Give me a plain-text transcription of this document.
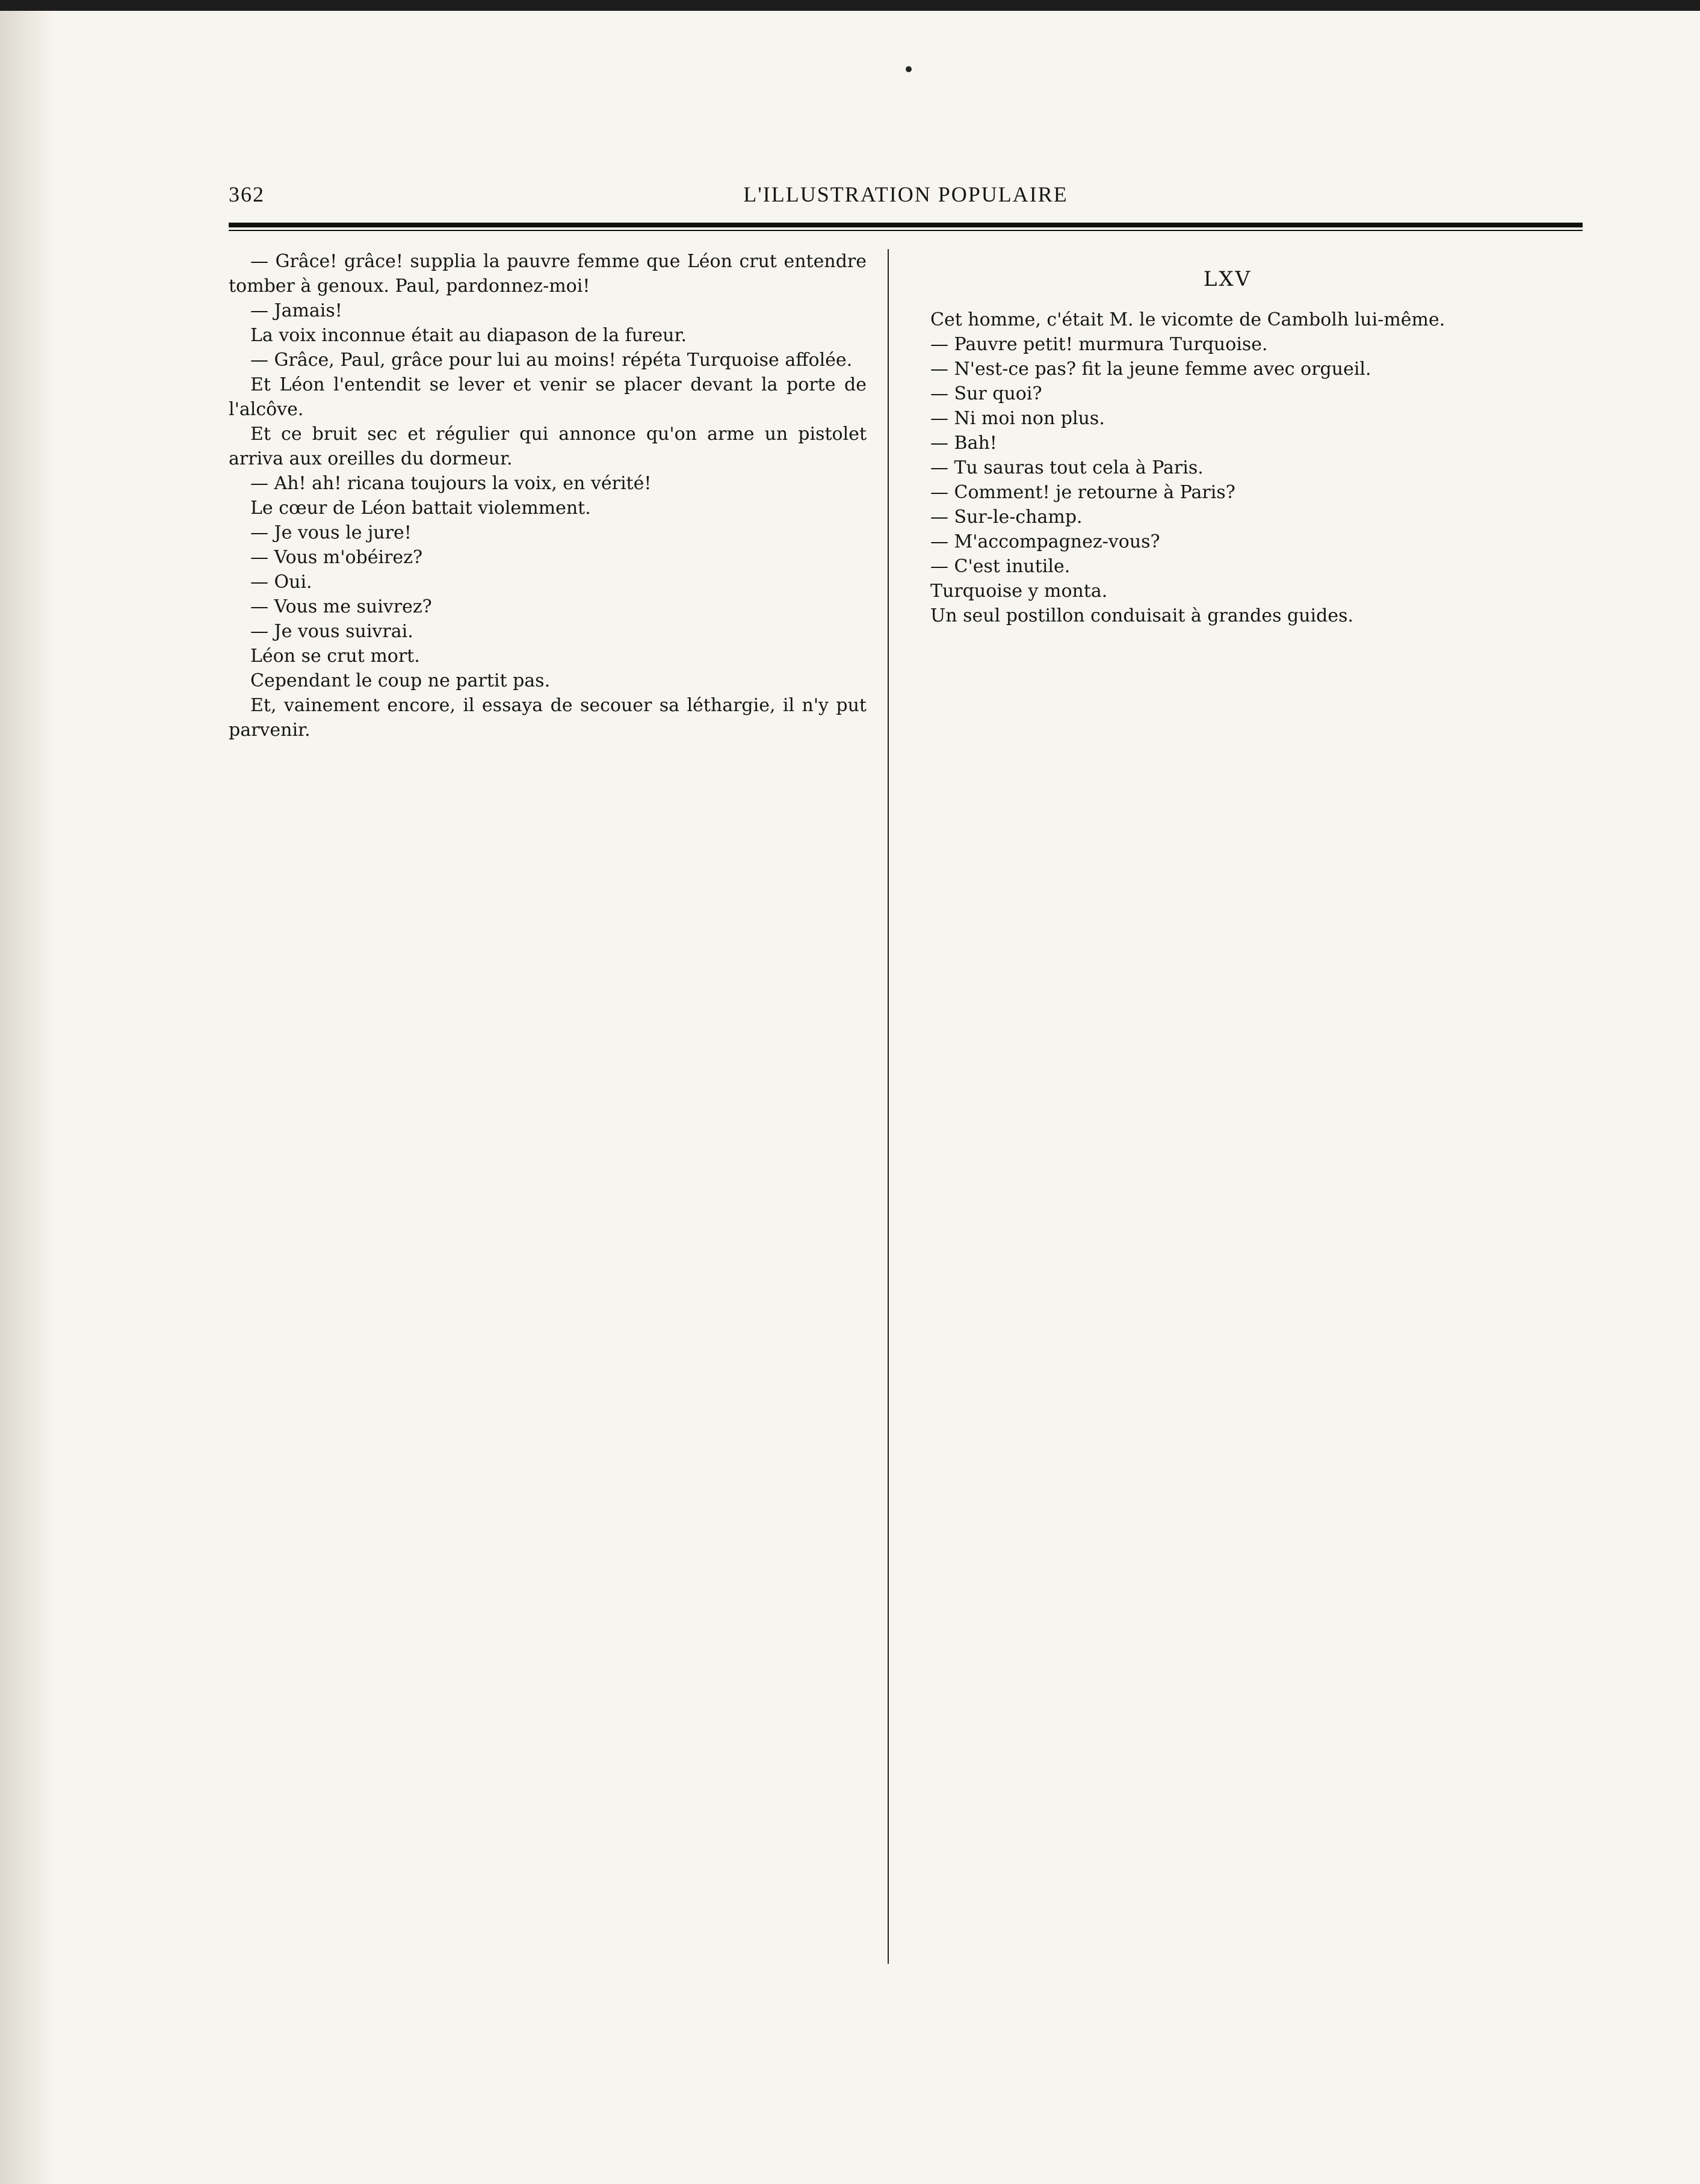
362	L'ILLUSTRATION POPULAIRE

— Grâce! grâce! supplia la pauvre femme que Léon crut entendre tomber à genoux. Paul, pardonnez-moi!

— Jamais!

La voix inconnue était au diapason de la fureur.

— Grâce, Paul, grâce pour lui au moins! répéta Turquoise affolée.

Et Léon l'entendit se lever et venir se placer devant la porte de l'alcôve.

Et ce bruit sec et régulier qui annonce qu'on arme un pistolet arriva aux oreilles du dormeur.

— Ah! ah! ricana toujours la voix, en vérité!

Le cœur de Léon battait violemment.

— Je vous le jure!

— Vous m'obéirez?

— Oui.

— Vous me suivrez?

— Je vous suivrai.

Léon se crut mort.

Cependant le coup ne partit pas.

Et, vainement encore, il essaya de secouer sa léthargie, il n'y put parvenir.

LXV

Cet homme, c'était M. le vicomte de Cambolh lui-même.

— Pauvre petit! murmura Turquoise.

— N'est-ce pas? fit la jeune femme avec orgueil.

— Sur quoi?

— Ni moi non plus.

— Bah!

— Tu sauras tout cela à Paris.

— Comment! je retourne à Paris?

— Sur-le-champ.

— M'accompagnez-vous?

— C'est inutile.

Turquoise y monta.

Un seul postillon conduisait à grandes guides.
